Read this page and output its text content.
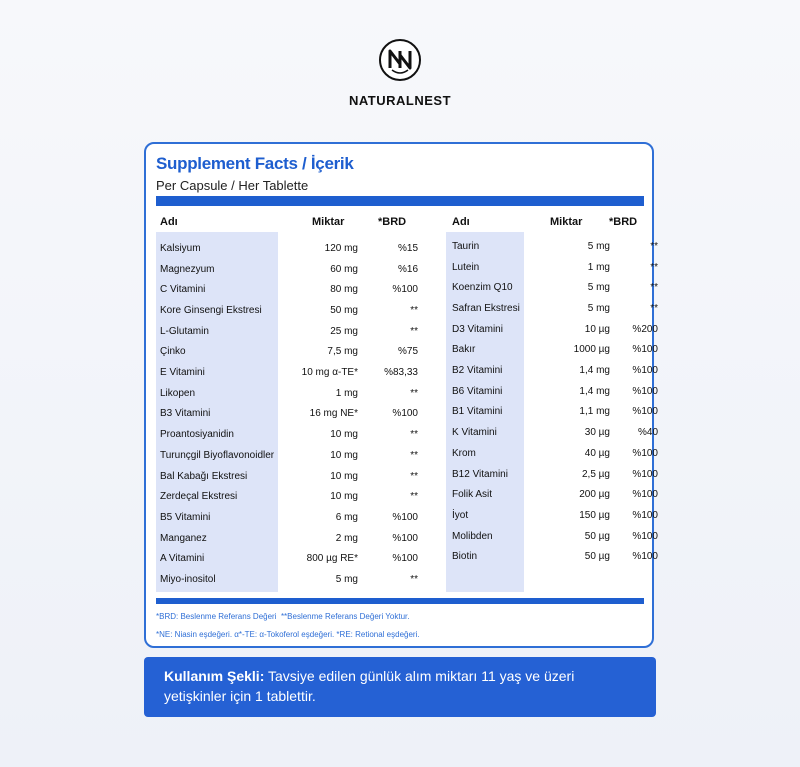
NATURALNEST
Supplement Facts / İçerik
Per Capsule / Her Tablette
Adı	Miktar	*BRD	Adı	Miktar *BRD
Kalsiyum	120 mg	%15
Magnezyum	60 mg	%16
C Vitamini	80 mg	%100
Kore Ginsengi Ekstresi	50 mg	**
L-Glutamin	25 mg	**
Çinko	7,5 mg	%75
E Vitamini	10 mg α-TE*	%83,33
Likopen	1 mg	**
B3 Vitamini	16 mg NE*	%100
Proantosiyanidin	10 mg	**
Turunçgil Biyoflavonoidler	10 mg	**
Bal Kabağı Ekstresi	10 mg	**
Zerdeçal Ekstresi	10 mg	**
B5 Vitamini	6 mg	%100
Manganez	2 mg	%100
A Vitamini	800 µg RE*	%100
Miyo-inositol	5 mg	**
Taurin	5 mg	**
Lutein	1 mg	**
Koenzim Q10	5 mg	**
Safran Ekstresi	5 mg	**
D3 Vitamini	10 µg	%200
Bakır	1000 µg	%100
B2 Vitamini	1,4 mg	%100
B6 Vitamini	1,4 mg	%100
B1 Vitamini	1,1 mg	%100
K Vitamini	30 µg	%40
Krom	40 µg	%100
B12 Vitamini	2,5 µg	%100
Folik Asit	200 µg	%100
İyot	150 µg	%100
Molibden	50 µg	%100
Biotin	50 µg	%100
*BRD: Beslenme Referans Değeri  **Beslenme Referans Değeri Yoktur.
*NE: Niasin eşdeğeri. α*-TE: α-Tokoferol eşdeğeri. *RE: Retional eşdeğeri.
Kullanım Şekli: Tavsiye edilen günlük alım miktarı 11 yaş ve üzeri yetişkinler için 1 tablettir.
